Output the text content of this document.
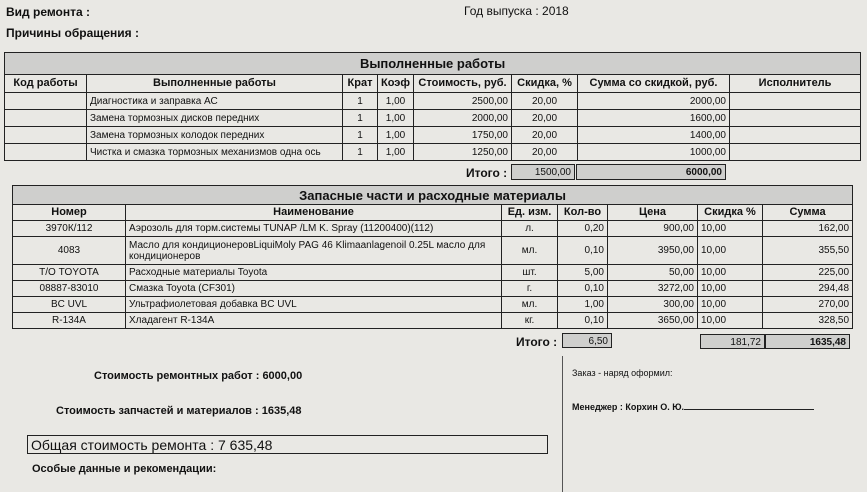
Вид ремонта :	Год выпуска : 2018
Причины обращения :
Выполненные работы							
Код работы	Выполненные работы	Крат	Коэф	Стоимость, руб.	Скидка, %	Сумма со скидкой, руб.	Исполнитель
	Диагностика и заправка АС	1	1,00	2500,00	20,00	2000,00	
	Замена тормозных дисков передних	1	1,00	2000,00	20,00	1600,00	
	Замена тормозных колодок передних	1	1,00	1750,00	20,00	1400,00	
	Чистка и смазка тормозных механизмов одна ось	1	1,00	1250,00	20,00	1000,00	
Итого :	1500,00	6000,00
Запасные части и расходные материалы						
Номер	Наименование	Ед. изм.	Кол-во	Цена	Скидка %	Сумма
3970К/112	Аэрозоль для торм.системы TUNAP /LM K. Spray (11200400)(112)	л.	0,20	900,00	10,00	162,00
4083	Масло для кондиционеровLiquiMoly PAG 46 Klimaanlagenoil 0.25L масло для кондиционеров	мл.	0,10	3950,00	10,00	355,50
Т/О TOYOTA	Расходные материалы Toyota	шт.	5,00	50,00	10,00	225,00
08887-83010	Смазка Toyota (CF301)	г.	0,10	3272,00	10,00	294,48
BC UVL	Ультрафиолетовая добавка BC UVL	мл.	1,00	300,00	10,00	270,00
R-134A	Хладагент R-134A	кг.	0,10	3650,00	10,00	328,50
Итого :	6,50	181,72	1635,48
Стоимость ремонтных работ : 6000,00
Стоимость запчастей и материалов : 1635,48
Общая стоимость ремонта : 7 635,48
Особые данные и рекомендации:
Заказ - наряд оформил:
Менеджер : Корхин О. Ю.
